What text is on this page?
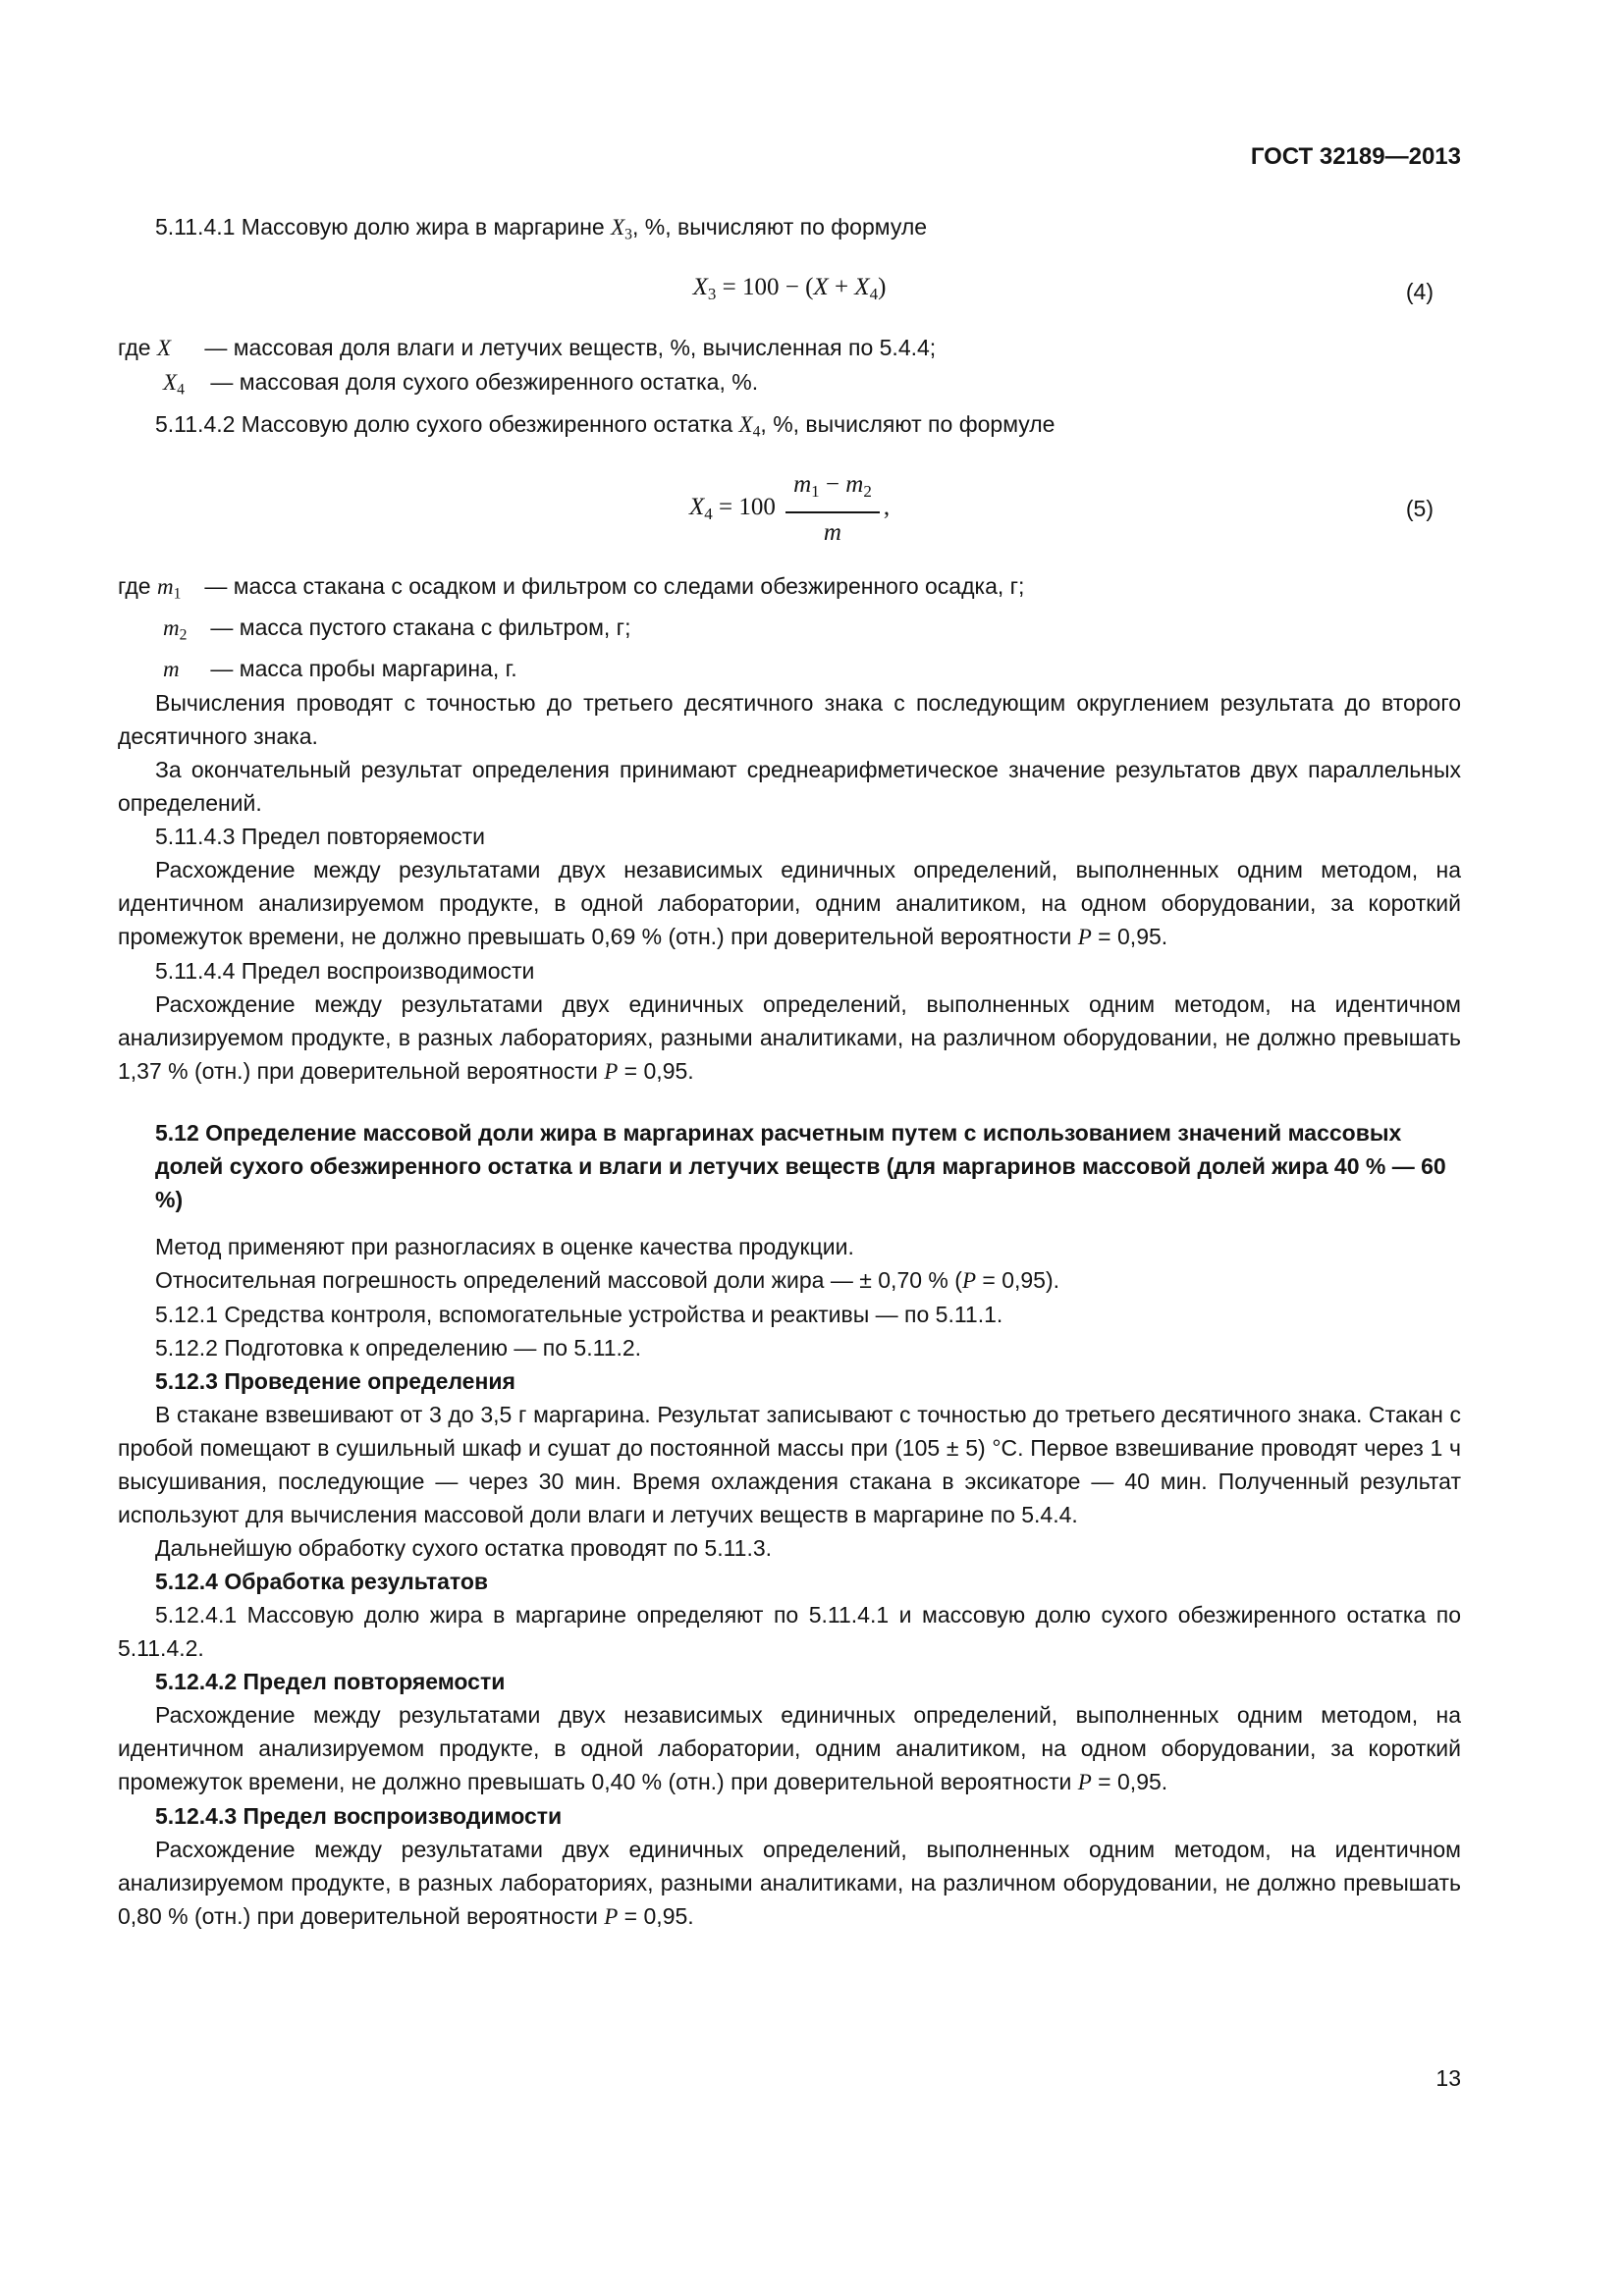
ГОСТ 32189—2013

5.11.4.1 Массовую долю жира в маргарине X3, %, вычисляют по формуле

X3 = 100 − (X + X4)	(4)

где X — массовая доля влаги и летучих веществ, %, вычисленная по 5.4.4;

X4 — массовая доля сухого обезжиренного остатка, %.

5.11.4.2 Массовую долю сухого обезжиренного остатка X4, %, вычисляют по формуле

$X4 = 100 \frac{m1 - m2}{m}$ ,	(5)

где m1 — масса стакана с осадком и фильтром со следами обезжиренного осадка, г;

m2 — масса пустого стакана с фильтром, г;

m — масса пробы маргарина, г.

Вычисления проводят с точностью до третьего десятичного знака с последующим округлением результата до второго десятичного знака.

За окончательный результат определения принимают среднеарифметическое значение результатов двух параллельных определений.

5.11.4.3 Предел повторяемости

Расхождение между результатами двух независимых единичных определений, выполненных одним методом, на идентичном анализируемом продукте, в одной лаборатории, одним аналитиком, на одном оборудовании, за короткий промежуток времени, не должно превышать 0,69 % (отн.) при доверительной вероятности P = 0,95.

5.11.4.4 Предел воспроизводимости

Расхождение между результатами двух единичных определений, выполненных одним методом, на идентичном анализируемом продукте, в разных лабораториях, разными аналитиками, на различном оборудовании, не должно превышать 1,37 % (отн.) при доверительной вероятности P = 0,95.

5.12 Определение массовой доли жира в маргаринах расчетным путем с использованием значений массовых долей сухого обезжиренного остатка и влаги и летучих веществ (для маргаринов массовой долей жира 40 % — 60 %)

Метод применяют при разногласиях в оценке качества продукции.

Относительная погрешность определений массовой доли жира — ± 0,70 % (P = 0,95).

5.12.1 Средства контроля, вспомогательные устройства и реактивы — по 5.11.1.

5.12.2 Подготовка к определению — по 5.11.2.

5.12.3 Проведение определения

В стакане взвешивают от 3 до 3,5 г маргарина. Результат записывают с точностью до третьего десятичного знака. Стакан с пробой помещают в сушильный шкаф и сушат до постоянной массы при (105 ± 5) °С. Первое взвешивание проводят через 1 ч высушивания, последующие — через 30 мин. Время охлаждения стакана в эксикаторе — 40 мин. Полученный результат используют для вычисления массовой доли влаги и летучих веществ в маргарине по 5.4.4.

Дальнейшую обработку сухого остатка проводят по 5.11.3.

5.12.4 Обработка результатов

5.12.4.1 Массовую долю жира в маргарине определяют по 5.11.4.1 и массовую долю сухого обезжиренного остатка по 5.11.4.2.

5.12.4.2 Предел повторяемости

Расхождение между результатами двух независимых единичных определений, выполненных одним методом, на идентичном анализируемом продукте, в одной лаборатории, одним аналитиком, на одном оборудовании, за короткий промежуток времени, не должно превышать 0,40 % (отн.) при доверительной вероятности P = 0,95.

5.12.4.3 Предел воспроизводимости

Расхождение между результатами двух единичных определений, выполненных одним методом, на идентичном анализируемом продукте, в разных лабораториях, разными аналитиками, на различном оборудовании, не должно превышать 0,80 % (отн.) при доверительной вероятности P = 0,95.

13
